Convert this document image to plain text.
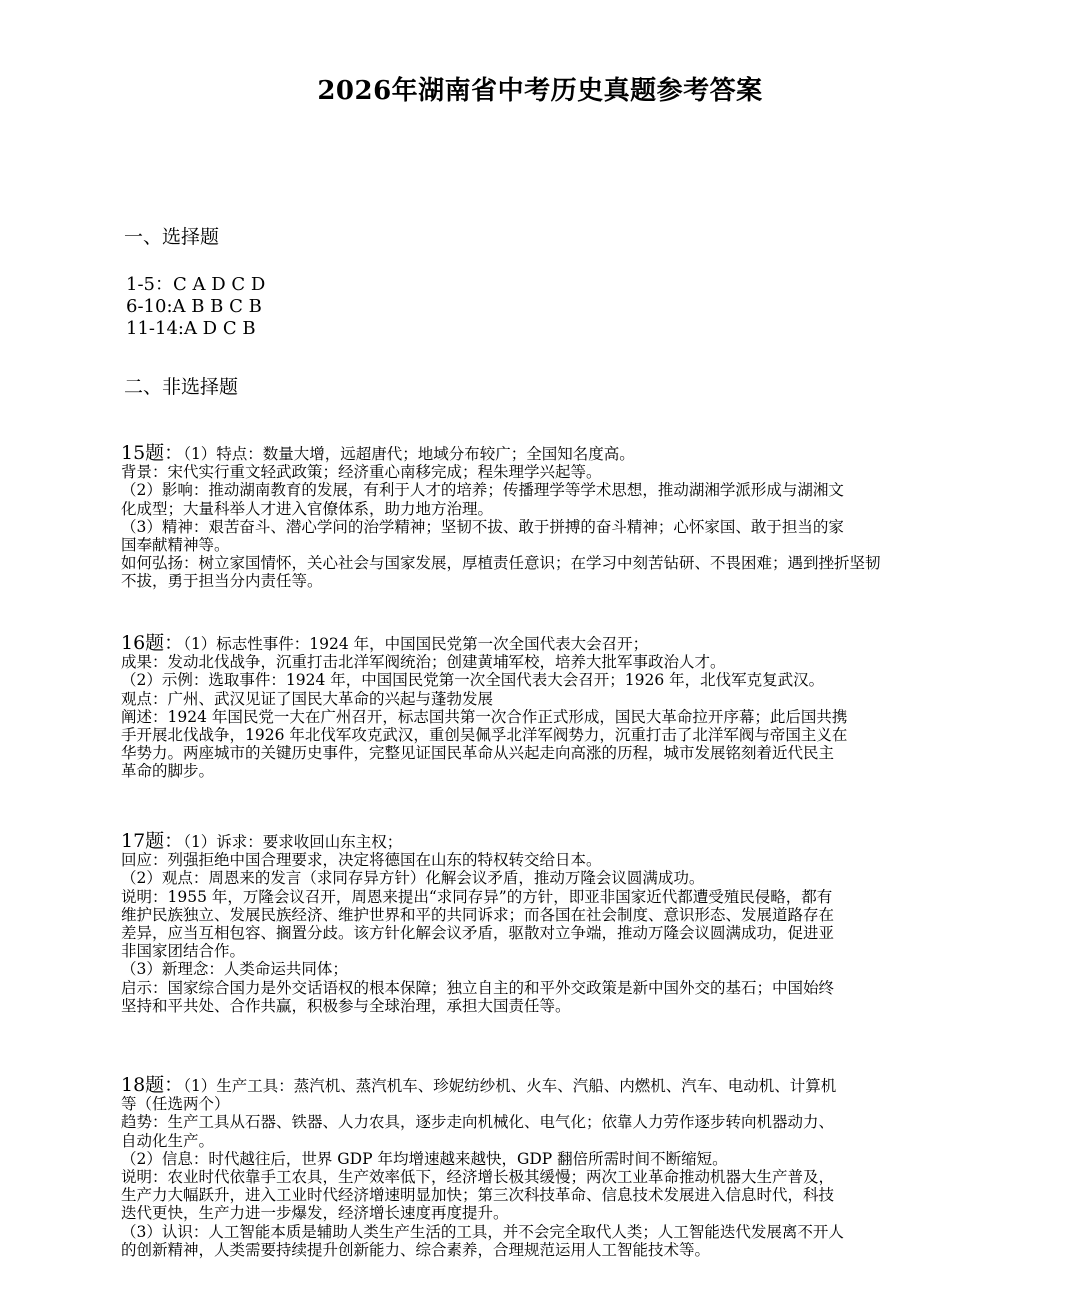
2026年湖南省中考历史真题参考答案
一、选择题
1-5：C A D C D
6-10:A B B C B
11-14:A D C B
二、非选择题
15题：（1）特点：数量大增，远超唐代；地域分布较广；全国知名度高。
背景：宋代实行重文轻武政策；经济重心南移完成；程朱理学兴起等。
（2）影响：推动湖南教育的发展，有利于人才的培养；传播理学等学术思想，推动湖湘学派形成与湖湘文
化成型；大量科举人才进入官僚体系，助力地方治理。
（3）精神：艰苦奋斗、潜心学问的治学精神；坚韧不拔、敢于拼搏的奋斗精神；心怀家国、敢于担当的家
国奉献精神等。
如何弘扬：树立家国情怀，关心社会与国家发展，厚植责任意识；在学习中刻苦钻研、不畏困难；遇到挫折坚韧
不拔，勇于担当分内责任等。
16题：（1）标志性事件：1924 年，中国国民党第一次全国代表大会召开；
成果：发动北伐战争，沉重打击北洋军阀统治；创建黄埔军校，培养大批军事政治人才。
（2）示例：选取事件：1924 年，中国国民党第一次全国代表大会召开；1926 年，北伐军克复武汉。
观点：广州、武汉见证了国民大革命的兴起与蓬勃发展
阐述：1924 年国民党一大在广州召开，标志国共第一次合作正式形成，国民大革命拉开序幕；此后国共携
手开展北伐战争，1926 年北伐军攻克武汉，重创吴佩孚北洋军阀势力，沉重打击了北洋军阀与帝国主义在
华势力。两座城市的关键历史事件，完整见证国民革命从兴起走向高涨的历程，城市发展铭刻着近代民主
革命的脚步。
17题：（1）诉求：要求收回山东主权；
回应：列强拒绝中国合理要求，决定将德国在山东的特权转交给日本。
（2）观点：周恩来的发言（求同存异方针）化解会议矛盾，推动万隆会议圆满成功。
说明：1955 年，万隆会议召开，周恩来提出“求同存异”的方针，即亚非国家近代都遭受殖民侵略，都有
维护民族独立、发展民族经济、维护世界和平的共同诉求；而各国在社会制度、意识形态、发展道路存在
差异，应当互相包容、搁置分歧。该方针化解会议矛盾，驱散对立争端，推动万隆会议圆满成功，促进亚
非国家团结合作。
（3）新理念：人类命运共同体；
启示：国家综合国力是外交话语权的根本保障；独立自主的和平外交政策是新中国外交的基石；中国始终
坚持和平共处、合作共赢，积极参与全球治理，承担大国责任等。
18题：（1）生产工具：蒸汽机、蒸汽机车、珍妮纺纱机、火车、汽船、内燃机、汽车、电动机、计算机
等（任选两个）
趋势：生产工具从石器、铁器、人力农具，逐步走向机械化、电气化；依靠人力劳作逐步转向机器动力、
自动化生产。
（2）信息：时代越往后，世界 GDP 年均增速越来越快，GDP 翻倍所需时间不断缩短。
说明：农业时代依靠手工农具，生产效率低下，经济增长极其缓慢；两次工业革命推动机器大生产普及，
生产力大幅跃升，进入工业时代经济增速明显加快；第三次科技革命、信息技术发展进入信息时代，科技
迭代更快，生产力进一步爆发，经济增长速度再度提升。
（3）认识：人工智能本质是辅助人类生产生活的工具，并不会完全取代人类；人工智能迭代发展离不开人
的创新精神，人类需要持续提升创新能力、综合素养，合理规范运用人工智能技术等。
